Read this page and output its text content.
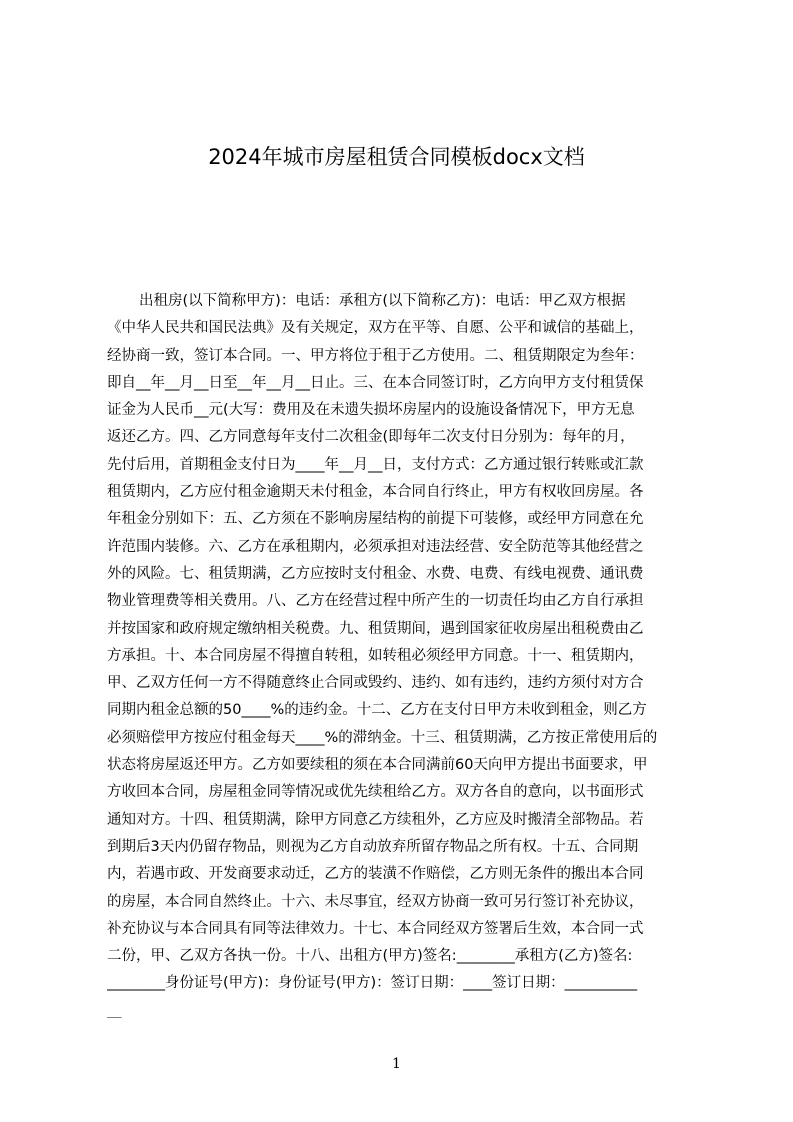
2024年城市房屋租赁合同模板docx文档
出租房(以下简称甲方)：电话：承租方(以下简称乙方)：电话：甲乙双方根据
《中华人民共和国民法典》及有关规定，双方在平等、自愿、公平和诚信的基础上，
经协商一致，签订本合同。一、甲方将位于租于乙方使用。二、租赁期限定为叁年：
即自__年__月__日至__年__月__日止。三、在本合同签订时，乙方向甲方支付租赁保
证金为人民币__元(大写：费用及在未遗失损坏房屋内的设施设备情况下，甲方无息
返还乙方。四、乙方同意每年支付二次租金(即每年二次支付日分别为：每年的月，
先付后用，首期租金支付日为____年__月__日，支付方式：乙方通过银行转账或汇款
租赁期内，乙方应付租金逾期天未付租金，本合同自行终止，甲方有权收回房屋。各
年租金分别如下：五、乙方须在不影响房屋结构的前提下可装修，或经甲方同意在允
许范围内装修。六、乙方在承租期内，必须承担对违法经营、安全防范等其他经营之
外的风险。七、租赁期满，乙方应按时支付租金、水费、电费、有线电视费、通讯费
物业管理费等相关费用。八、乙方在经营过程中所产生的一切责任均由乙方自行承担
并按国家和政府规定缴纳相关税费。九、租赁期间，遇到国家征收房屋出租税费由乙
方承担。十、本合同房屋不得擅自转租，如转租必须经甲方同意。十一、租赁期内，
甲、乙双方任何一方不得随意终止合同或毁约、违约、如有违约，违约方须付对方合
同期内租金总额的50____%的违约金。十二、乙方在支付日甲方未收到租金，则乙方
必须赔偿甲方按应付租金每天____%的滞纳金。十三、租赁期满，乙方按正常使用后的
状态将房屋返还甲方。乙方如要续租的须在本合同满前60天向甲方提出书面要求，甲
方收回本合同，房屋租金同等情况或优先续租给乙方。双方各自的意向，以书面形式
通知对方。十四、租赁期满，除甲方同意乙方续租外，乙方应及时搬清全部物品。若
到期后3天内仍留存物品，则视为乙方自动放弃所留存物品之所有权。十五、合同期
内，若遇市政、开发商要求动迁，乙方的装潢不作赔偿，乙方则无条件的搬出本合同
的房屋，本合同自然终止。十六、未尽事宜，经双方协商一致可另行签订补充协议，
补充协议与本合同具有同等法律效力。十七、本合同经双方签署后生效，本合同一式
二份，甲、乙双方各执一份。十八、出租方(甲方)签名:________承租方(乙方)签名:
________身份证号(甲方)：身份证号(甲方)：签订日期：____签订日期：__________
__
1
